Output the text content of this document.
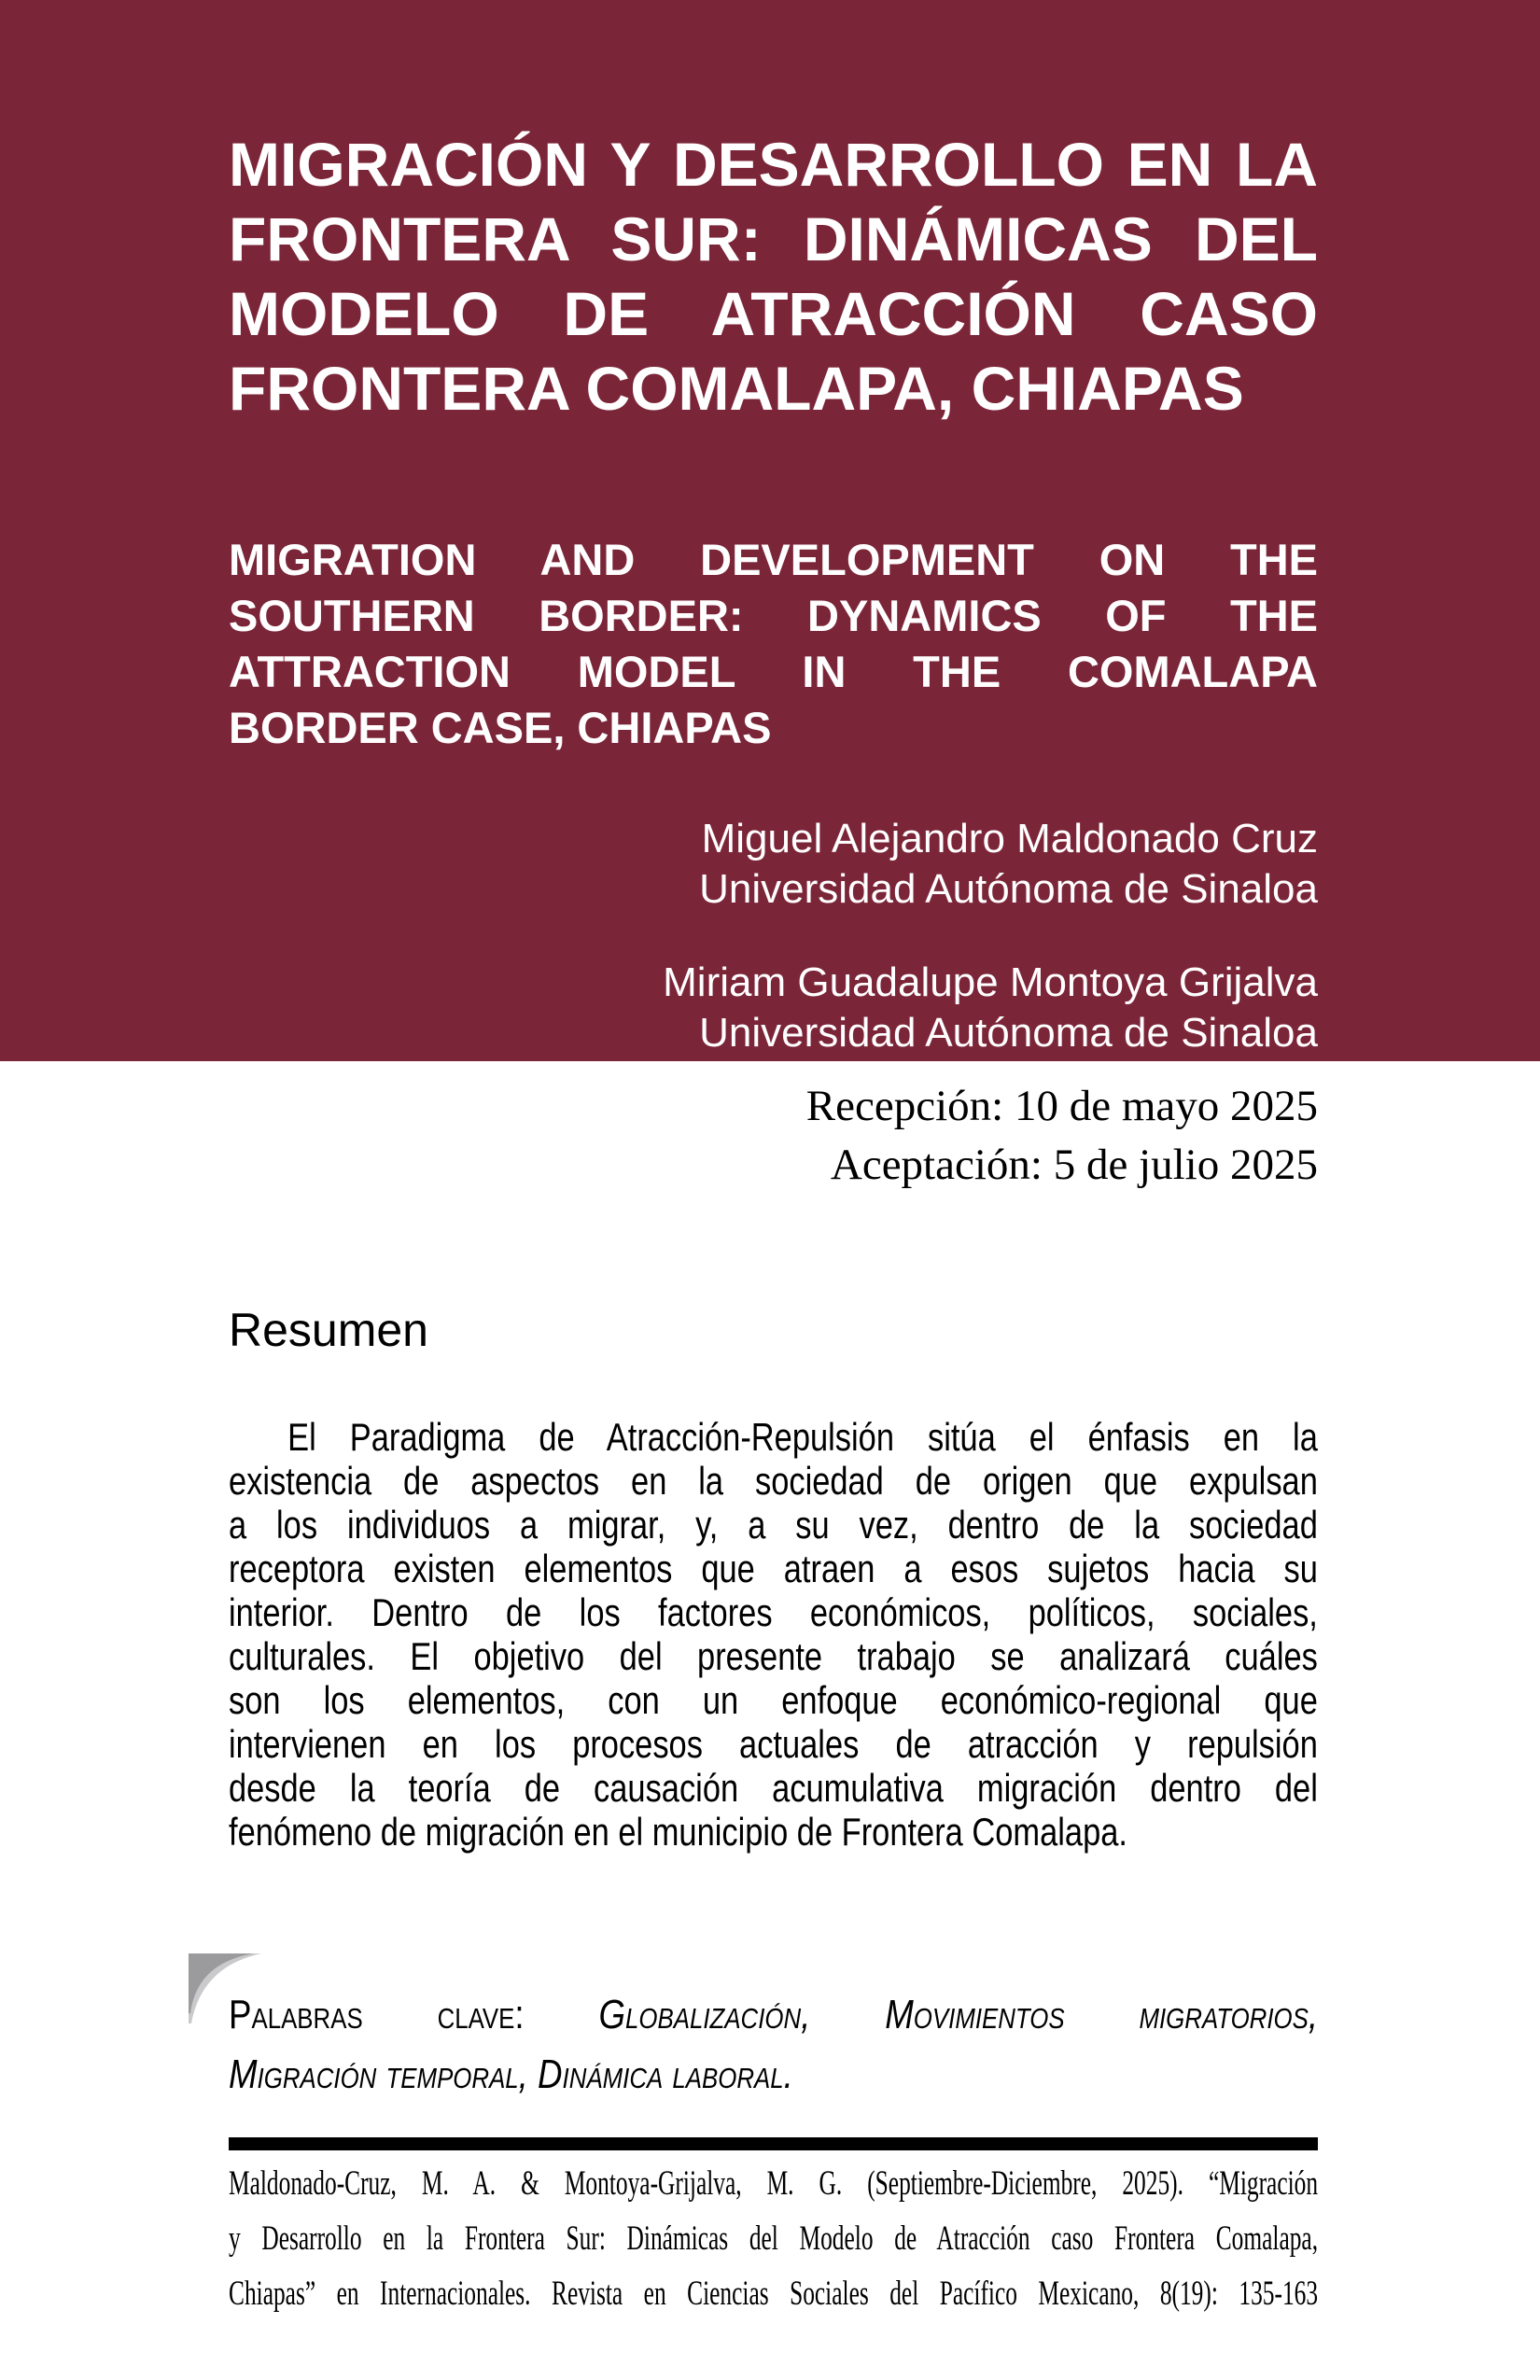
MIGRACIÓN Y DESARROLLO EN LA
FRONTERA SUR: DINÁMICAS DEL
MODELO DE ATRACCIÓN CASO
FRONTERA COMALAPA, CHIAPAS
MIGRATION AND DEVELOPMENT ON THE
SOUTHERN BORDER: DYNAMICS OF THE
ATTRACTION MODEL IN THE COMALAPA
BORDER CASE, CHIAPAS
Miguel Alejandro Maldonado Cruz
Universidad Autónoma de Sinaloa
Miriam Guadalupe Montoya Grijalva
Universidad Autónoma de Sinaloa
Recepción: 10 de mayo 2025
Aceptación: 5 de julio 2025
Resumen
El Paradigma de Atracción-Repulsión sitúa el énfasis en la
existencia de aspectos en la sociedad de origen que expulsan
a los individuos a migrar, y, a su vez, dentro de la sociedad
receptora existen elementos que atraen a esos sujetos hacia su
interior. Dentro de los factores económicos, políticos, sociales,
culturales. El objetivo del presente trabajo se analizará cuáles
son los elementos, con un enfoque económico-regional que
intervienen en los procesos actuales de atracción y repulsión
desde la teoría de causación acumulativa migración dentro del
fenómeno de migración en el municipio de Frontera Comalapa.
Palabras clave: Globalización, Movimientos migratorios,
Migración temporal, Dinámica laboral.
Maldonado-Cruz, M. A. & Montoya-Grijalva, M. G. (Septiembre-Diciembre, 2025). “Migración
y Desarrollo en la Frontera Sur: Dinámicas del Modelo de Atracción caso Frontera Comalapa,
Chiapas” en Internacionales. Revista en Ciencias Sociales del Pacífico Mexicano, 8(19): 135-163
